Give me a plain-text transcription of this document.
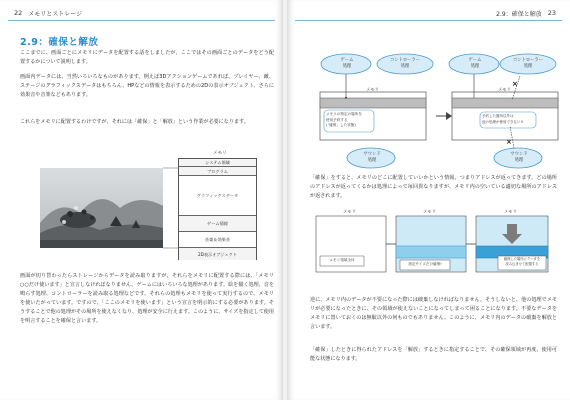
22 メモリとストレージ
2.9：確保と解放
ここまでに、画面ごとにメモリにデータを配置する話をしましたが、ここではその画面ごとのデータをどう配置するかについて説明します。
画面内データには、当然いろいろなものがあります。例えば3Dアクションゲームであれば、プレイヤー、敵、ステージのグラフィックスデータはもちろん、HPなどの情報を表示するための2Dの表示オブジェクト、さらに効果音や音楽などもあります。
これらをメモリに配置するわけですが、それには「確保」と「解放」という作業が必要になります。
メモリ
システム領域
プログラム
グラフィックスデータ
ゲーム情報
音楽＆効果音
2D表示オブジェクト
画面が切り替わったらストレージからデータを読み取りますが、それらをメモリに配置する際には、「メモリ○○だけ使います」と宣言しなければなりません。ゲームにはいろいろな処理があります。絵を描く処理、音を鳴らす処理、コントローラーを読み取る処理などです。それらの処理もメモリを使って実行するので、メモリを使いたがっています。ですので、「ここのメモリを使います」という宣言を明示的にする必要があります。そうすることで他の処理がその場所を使えなくなり、処理が安全に行えます。このように、サイズを指定して使用を明言することを確保と言います。
2.9：確保と解放 23
×
×
ゲーム
処理
コントローラー
処理
メモリ
メモリの特定の場所を
使用予約する
(「確保」した状態)
サウンド
処理
ゲーム
処理
コントローラー
処理
メモリ
予約した箇所以外は
他の処理が使用できない!!
サウンド
処理
「確保」をすると、メモリのどこに配置していいかという情報、つまりアドレスが返ってきます。どの場所のアドレスが返ってくるかは処理によって毎回異なりますが、メモリ内の空いている適切な場所のアドレスが返されます。
メモリ	メモリ	メモリ
メモリ領域全体
指定サイズだけ確保!
確保した場所にデータを
読み込ませて配置する
逆に、メモリ内のデータが不要になった際には破棄しなければなりません。そうしないと、他の処理でメモリが必要になったときに、その領域が使えないことになってしまって困ることになります。不要なデータをメモリに置いておくのは無駄以外の何ものでもありません。このように、メモリ内のデータの破棄を解放と言います。
「確保」したときに得られたアドレスを「解放」するときに指定することで、その確保領域が再度、使用可能な状態になります。
